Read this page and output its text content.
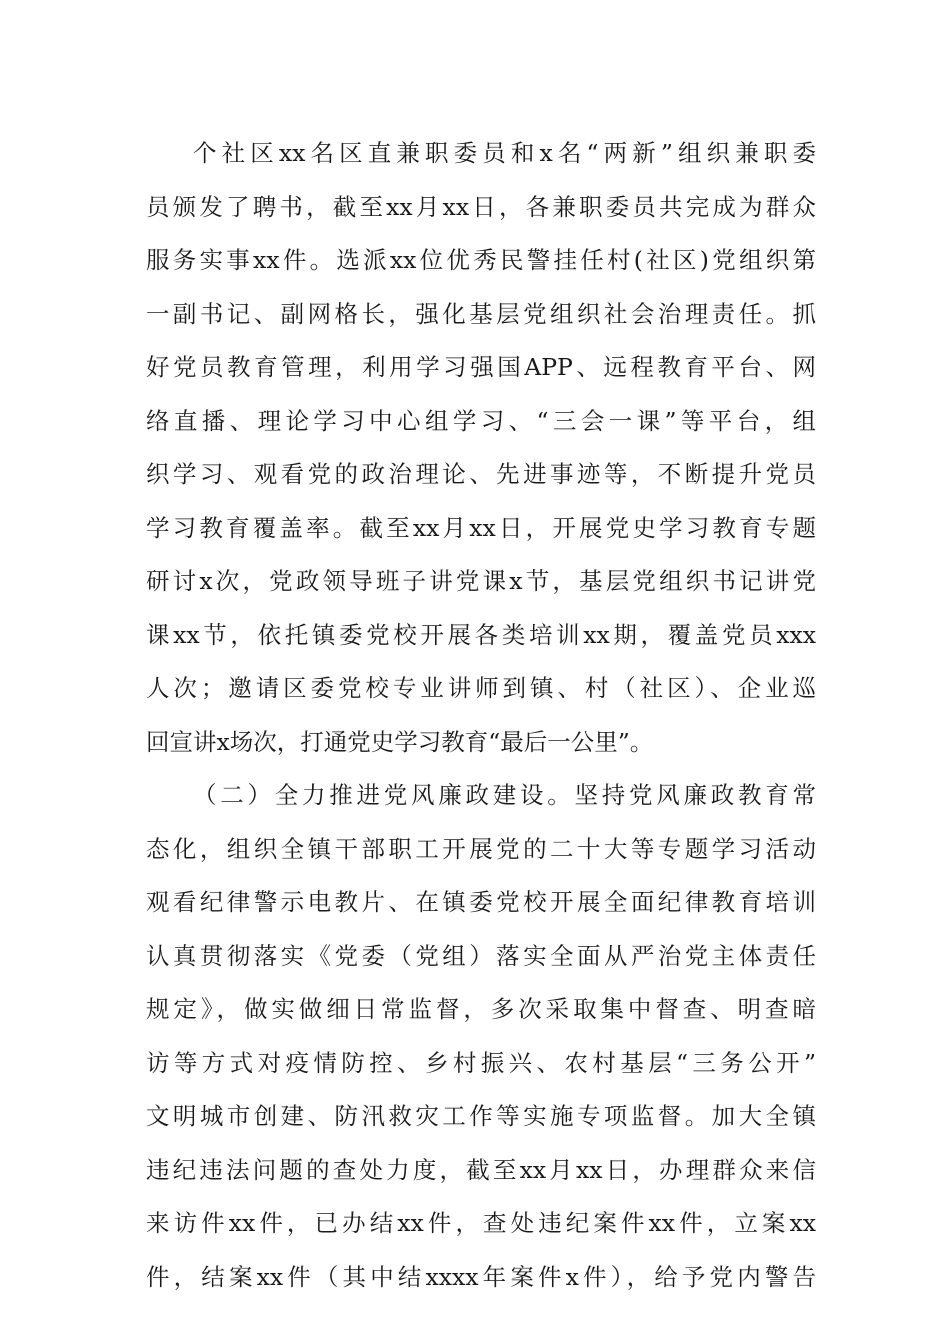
个社区xx名区直兼职委员和x名“两新”组织兼职委
员颁发了聘书，截至xx月xx日，各兼职委员共完成为群众
服务实事xx件。选派xx位优秀民警挂任村(社区)党组织第
一副书记、副网格长，强化基层党组织社会治理责任。抓
好党员教育管理，利用学习强国APP、远程教育平台、网
络直播、理论学习中心组学习、“三会一课”等平台，组
织学习、观看党的政治理论、先进事迹等，不断提升党员
学习教育覆盖率。截至xx月xx日，开展党史学习教育专题
研讨x次，党政领导班子讲党课x节，基层党组织书记讲党
课xx节，依托镇委党校开展各类培训xx期，覆盖党员xxx
人次；邀请区委党校专业讲师到镇、村（社区）、企业巡
回宣讲x场次，打通党史学习教育“最后一公里”。
（二）全力推进党风廉政建设。坚持党风廉政教育常
态化，组织全镇干部职工开展党的二十大等专题学习活动
观看纪律警示电教片、在镇委党校开展全面纪律教育培训
认真贯彻落实《党委（党组）落实全面从严治党主体责任
规定》，做实做细日常监督，多次采取集中督查、明查暗
访等方式对疫情防控、乡村振兴、农村基层“三务公开”
文明城市创建、防汛救灾工作等实施专项监督。加大全镇
违纪违法问题的查处力度，截至xx月xx日，办理群众来信
来访件xx件，已办结xx件，查处违纪案件xx件，立案xx
件，结案xx件（其中结xxxx年案件x件），给予党内警告
